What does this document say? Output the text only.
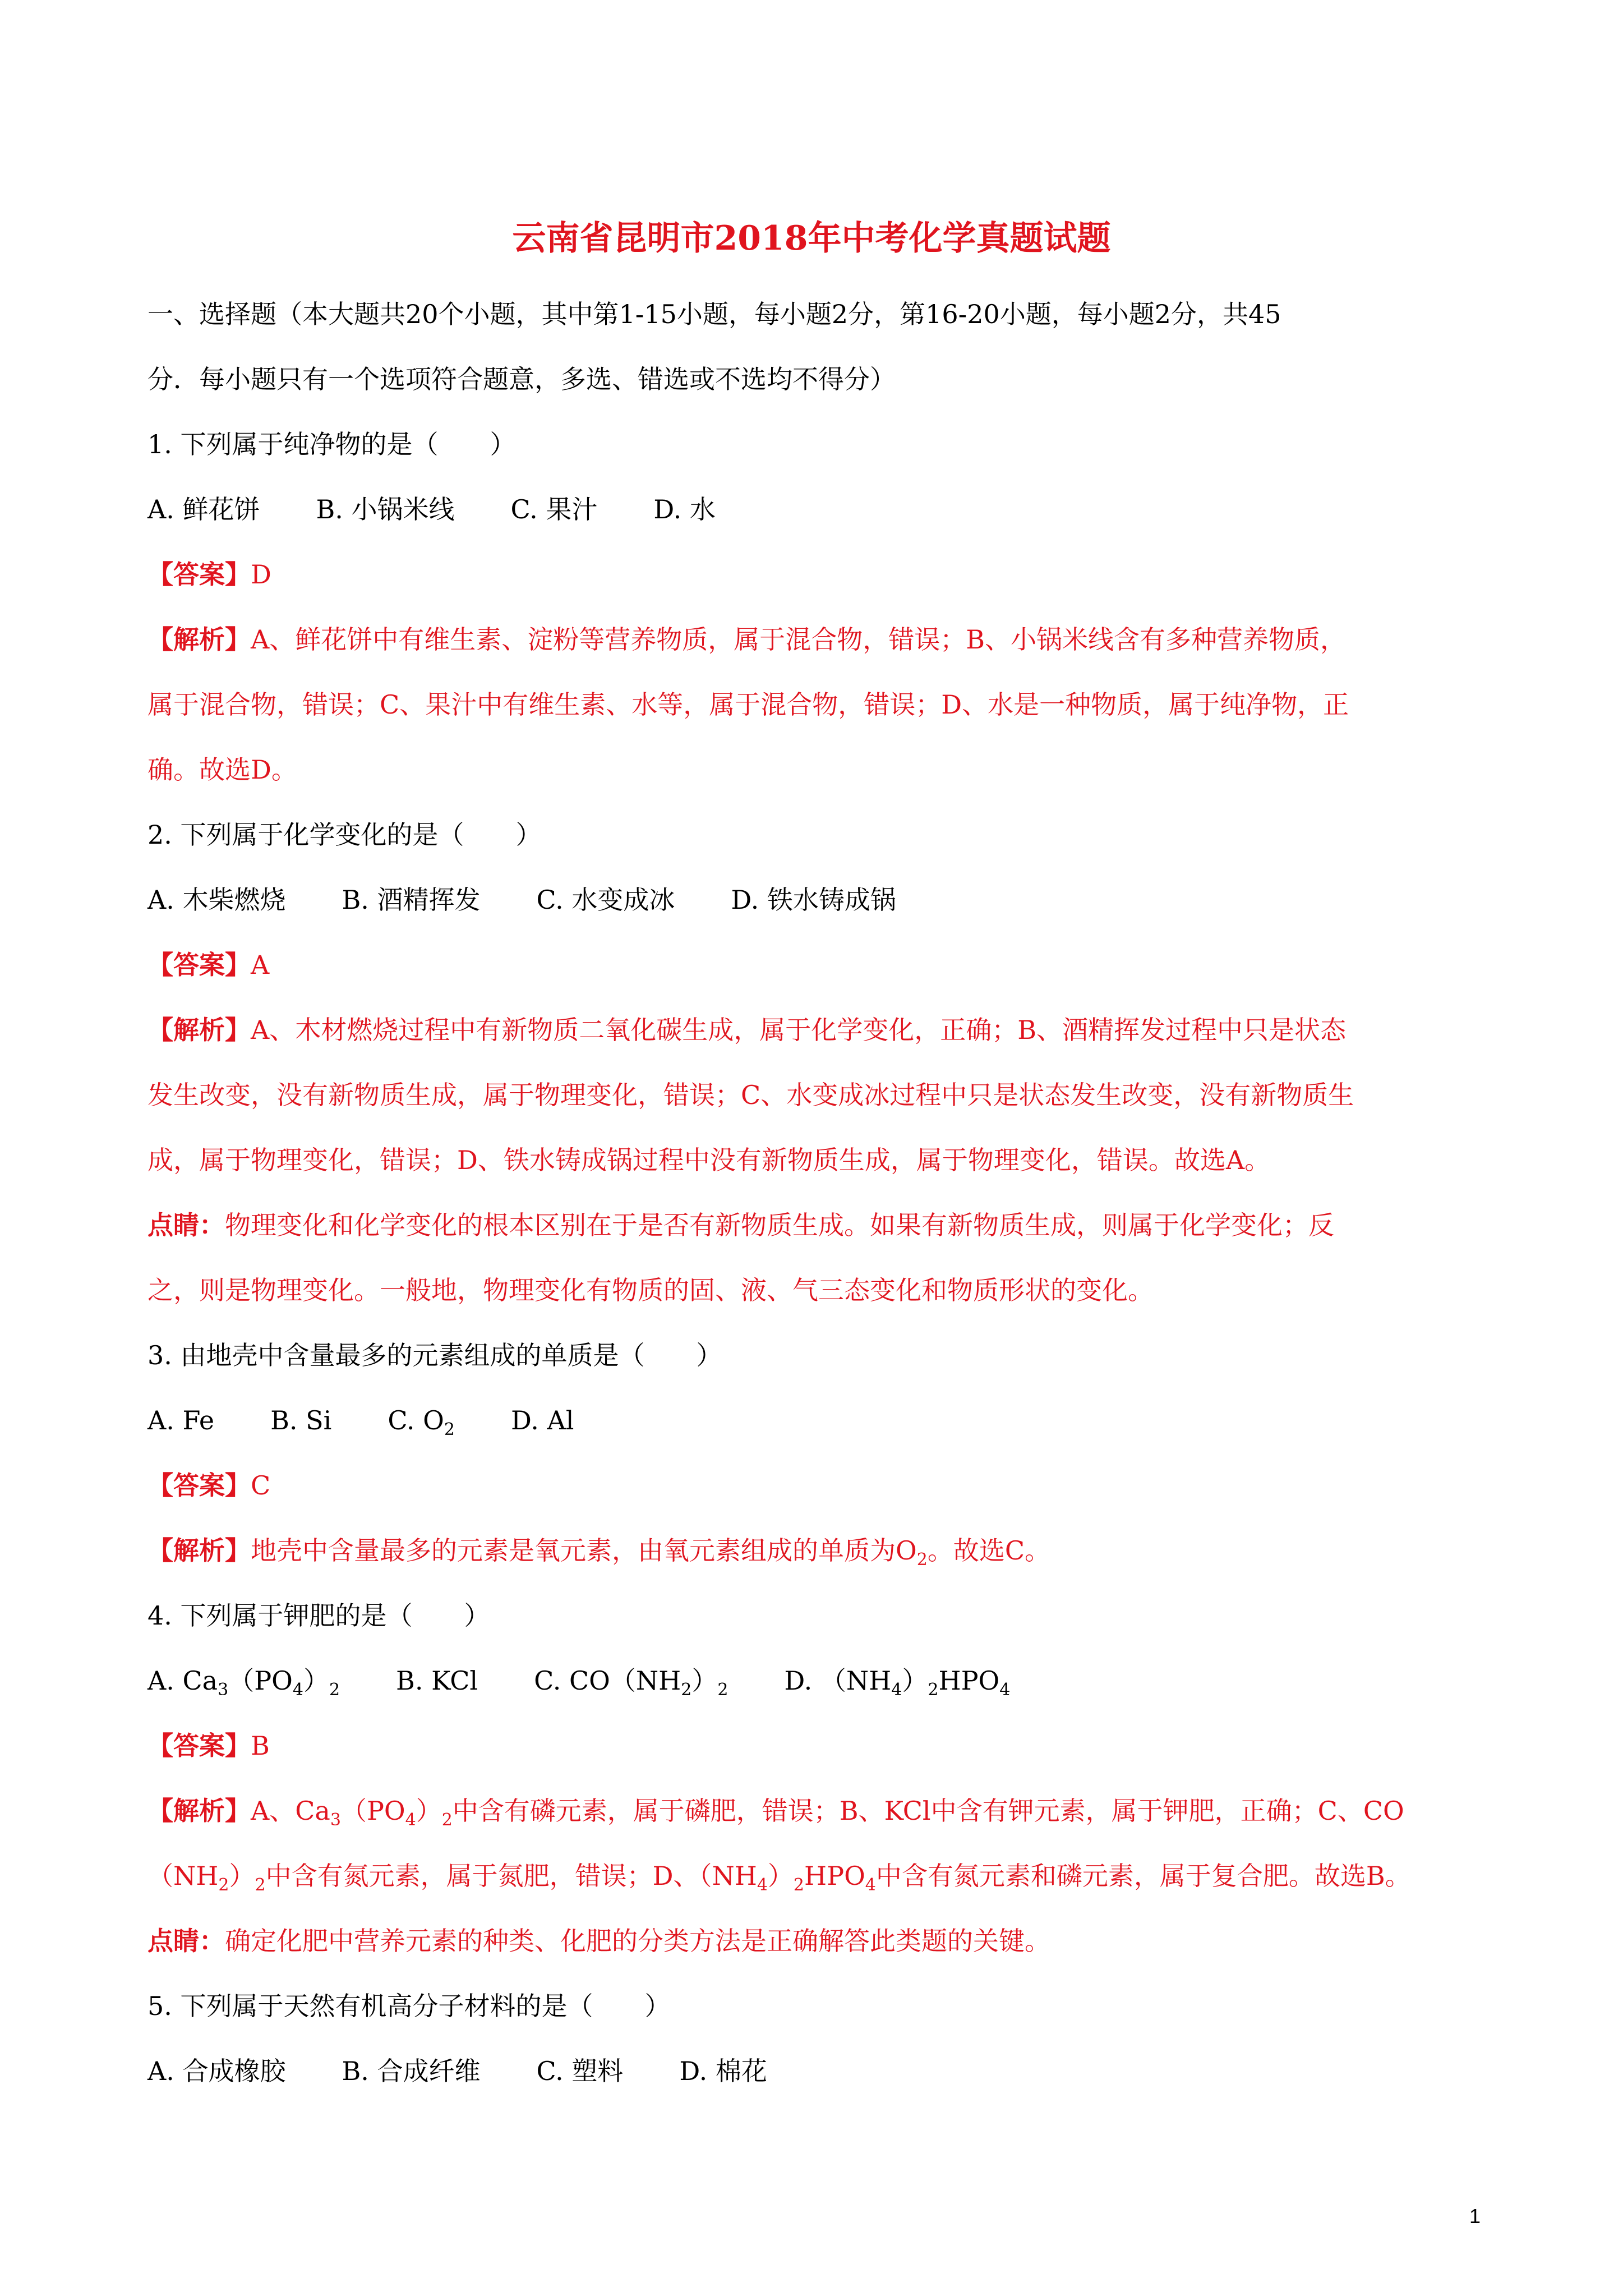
云南省昆明市2018年中考化学真题试题
一、选择题（本大题共20个小题，其中第1-15小题，每小题2分，第16-20小题，每小题2分，共45
分．每小题只有一个选项符合题意，多选、错选或不选均不得分）
1. 下列属于纯净物的是（　　）
A. 鲜花饼 B. 小锅米线 C. 果汁 D. 水
【答案】D
【解析】A、鲜花饼中有维生素、淀粉等营养物质，属于混合物，错误；B、小锅米线含有多种营养物质，
属于混合物，错误；C、果汁中有维生素、水等，属于混合物，错误；D、水是一种物质，属于纯净物，正
确。故选D。
2. 下列属于化学变化的是（　　）
A. 木柴燃烧 B. 酒精挥发 C. 水变成冰 D. 铁水铸成锅
【答案】A
【解析】A、木材燃烧过程中有新物质二氧化碳生成，属于化学变化，正确；B、酒精挥发过程中只是状态
发生改变，没有新物质生成，属于物理变化，错误；C、水变成冰过程中只是状态发生改变，没有新物质生
成，属于物理变化，错误；D、铁水铸成锅过程中没有新物质生成，属于物理变化，错误。故选A。
点睛：物理变化和化学变化的根本区别在于是否有新物质生成。如果有新物质生成，则属于化学变化；反
之，则是物理变化。一般地，物理变化有物质的固、液、气三态变化和物质形状的变化。
3. 由地壳中含量最多的元素组成的单质是（　　）
A. Fe B. Si C. $O_2$ D. Al
【答案】C
【解析】地壳中含量最多的元素是氧元素，由氧元素组成的单质为$O_2$。故选C。
4. 下列属于钾肥的是（　　）
A. $Ca_3(PO_4)_2$ B. KCl C. $CO(NH_2)_2$ D. $(NH_4)_2HPO_4$
【答案】B
【解析】A、$Ca_3(PO_4)_2$中含有磷元素，属于磷肥，错误；B、KCl中含有钾元素，属于钾肥，正确；C、CO
$(NH_2)_2$中含有氮元素，属于氮肥，错误；D、$(NH_4)_2HPO_4$中含有氮元素和磷元素，属于复合肥。故选B。
点睛：确定化肥中营养元素的种类、化肥的分类方法是正确解答此类题的关键。
5. 下列属于天然有机高分子材料的是（　　）
A. 合成橡胶 B. 合成纤维 C. 塑料 D. 棉花
1
